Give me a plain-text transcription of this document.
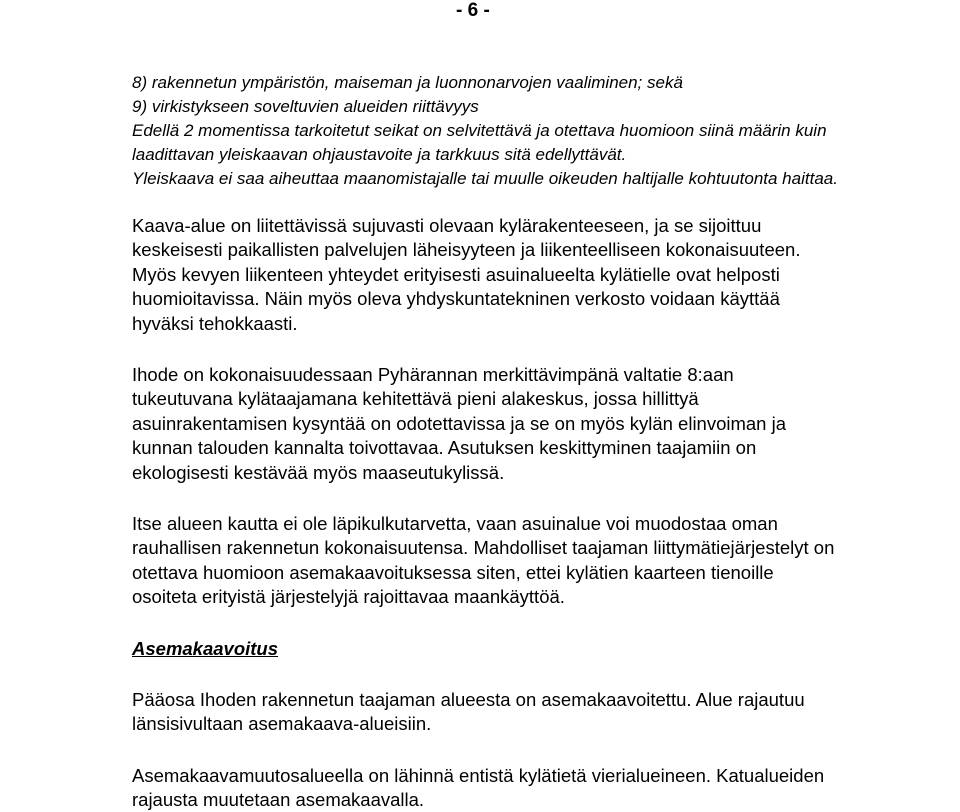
- 6 -
8) rakennetun ympäristön, maiseman ja luonnonarvojen vaaliminen; sekä
9) virkistykseen soveltuvien alueiden riittävyys
Edellä 2 momentissa tarkoitetut seikat on selvitettävä ja otettava huomioon siinä määrin kuin
laadittavan yleiskaavan ohjaustavoite ja tarkkuus sitä edellyttävät.
Yleiskaava ei saa aiheuttaa maanomistajalle tai muulle oikeuden haltijalle kohtuutonta haittaa.
Kaava-alue on liitettävissä sujuvasti olevaan kylärakenteeseen, ja se sijoittuu
keskeisesti paikallisten palvelujen läheisyyteen ja liikenteelliseen kokonaisuuteen.
Myös kevyen liikenteen yhteydet erityisesti asuinalueelta kylätielle ovat helposti
huomioitavissa. Näin myös oleva yhdyskuntatekninen verkosto voidaan käyttää
hyväksi tehokkaasti.
Ihode on kokonaisuudessaan Pyhärannan merkittävimpänä valtatie 8:aan
tukeutuvana kylätaajamana kehitettävä pieni alakeskus, jossa hillittyä
asuinrakentamisen kysyntää on odotettavissa ja se on myös kylän elinvoiman ja
kunnan talouden kannalta toivottavaa. Asutuksen keskittyminen taajamiin on
ekologisesti kestävää myös maaseutukylissä.
Itse alueen kautta ei ole läpikulkutarvetta, vaan asuinalue voi muodostaa oman
rauhallisen rakennetun kokonaisuutensa. Mahdolliset taajaman liittymätiejärjestelyt on
otettava huomioon asemakaavoituksessa siten, ettei kylätien kaarteen tienoille
osoiteta erityistä järjestelyjä rajoittavaa maankäyttöä.
Asemakaavoitus
Pääosa Ihoden rakennetun taajaman alueesta on asemakaavoitettu. Alue rajautuu
länsisivultaan asemakaava-alueisiin.
Asemakaavamuutosalueella on lähinnä entistä kylätietä vierialueineen. Katualueiden
rajausta muutetaan asemakaavalla.
